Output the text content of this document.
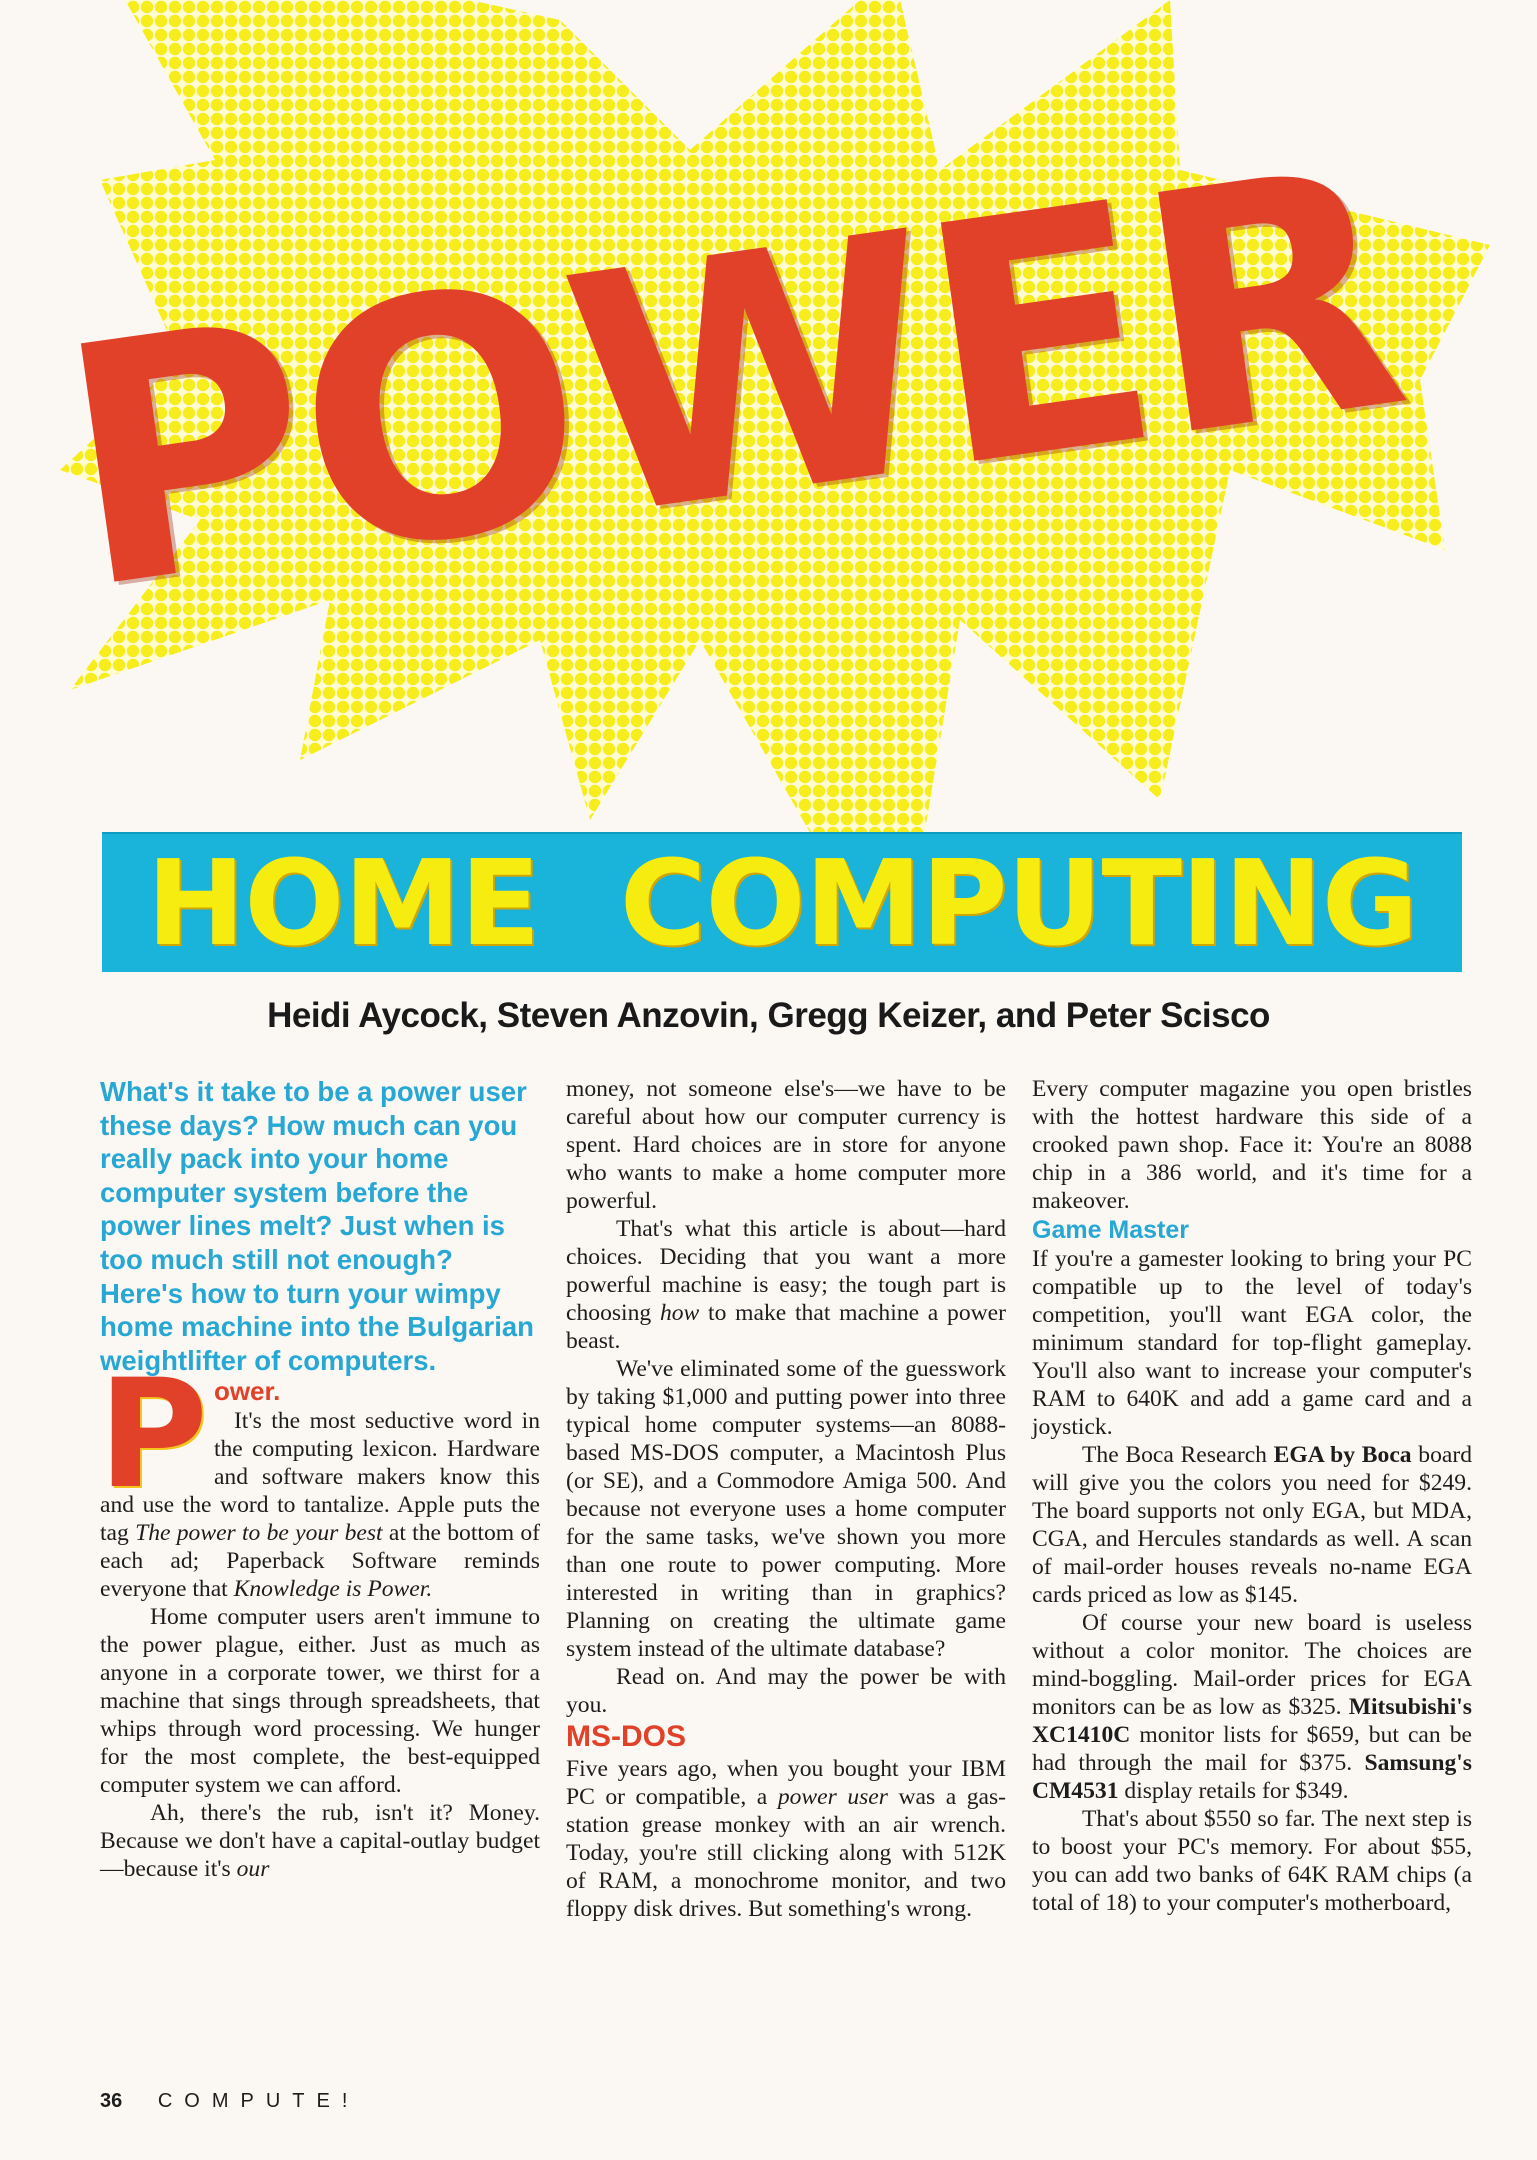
POWER
HOME  COMPUTING
Heidi Aycock, Steven Anzovin, Gregg Keizer, and Peter Scisco

What's it take to be a power user these days? How much can you really pack into your home computer system before the power lines melt? Just when is too much still not enough? Here's how to turn your wimpy home machine into the Bulgarian weightlifter of computers.

P ower.
It's the most seductive word in the computing lexicon. Hardware and software makers know this and use the word to tantalize. Apple puts the tag The power to be your best at the bottom of each ad; Paperback Software reminds everyone that Knowledge is Power.

Home computer users aren't immune to the power plague, either. Just as much as anyone in a corporate tower, we thirst for a machine that sings through spreadsheets, that whips through word processing. We hunger for the most complete, the best-equipped computer system we can afford.

Ah, there's the rub, isn't it? Money. Because we don't have a capital-outlay budget—because it's our

money, not someone else's—we have to be careful about how our computer currency is spent. Hard choices are in store for anyone who wants to make a home computer more powerful.

That's what this article is about—hard choices. Deciding that you want a more powerful machine is easy; the tough part is choosing how to make that machine a power beast.

We've eliminated some of the guesswork by taking $1,000 and putting power into three typical home computer systems—an 8088-based MS-DOS computer, a Macintosh Plus (or SE), and a Commodore Amiga 500. And because not everyone uses a home computer for the same tasks, we've shown you more than one route to power computing. More interested in writing than in graphics? Planning on creating the ultimate game system instead of the ultimate database?

Read on. And may the power be with you.

MS-DOS

Five years ago, when you bought your IBM PC or compatible, a power user was a gas-station grease monkey with an air wrench. Today, you're still clicking along with 512K of RAM, a monochrome monitor, and two floppy disk drives. But something's wrong.

Every computer magazine you open bristles with the hottest hardware this side of a crooked pawn shop. Face it: You're an 8088 chip in a 386 world, and it's time for a makeover.

Game Master

If you're a gamester looking to bring your PC compatible up to the level of today's competition, you'll want EGA color, the minimum standard for top-flight gameplay. You'll also want to increase your computer's RAM to 640K and add a game card and a joystick.

The Boca Research EGA by Boca board will give you the colors you need for $249. The board supports not only EGA, but MDA, CGA, and Hercules standards as well. A scan of mail-order houses reveals no-name EGA cards priced as low as $145.

Of course your new board is useless without a color monitor. The choices are mind-boggling. Mail-order prices for EGA monitors can be as low as $325. Mitsubishi's XC1410C monitor lists for $659, but can be had through the mail for $375. Samsung's CM4531 display retails for $349.

That's about $550 so far. The next step is to boost your PC's memory. For about $55, you can add two banks of 64K RAM chips (a total of 18) to your computer's motherboard,

36 COMPUTE!
